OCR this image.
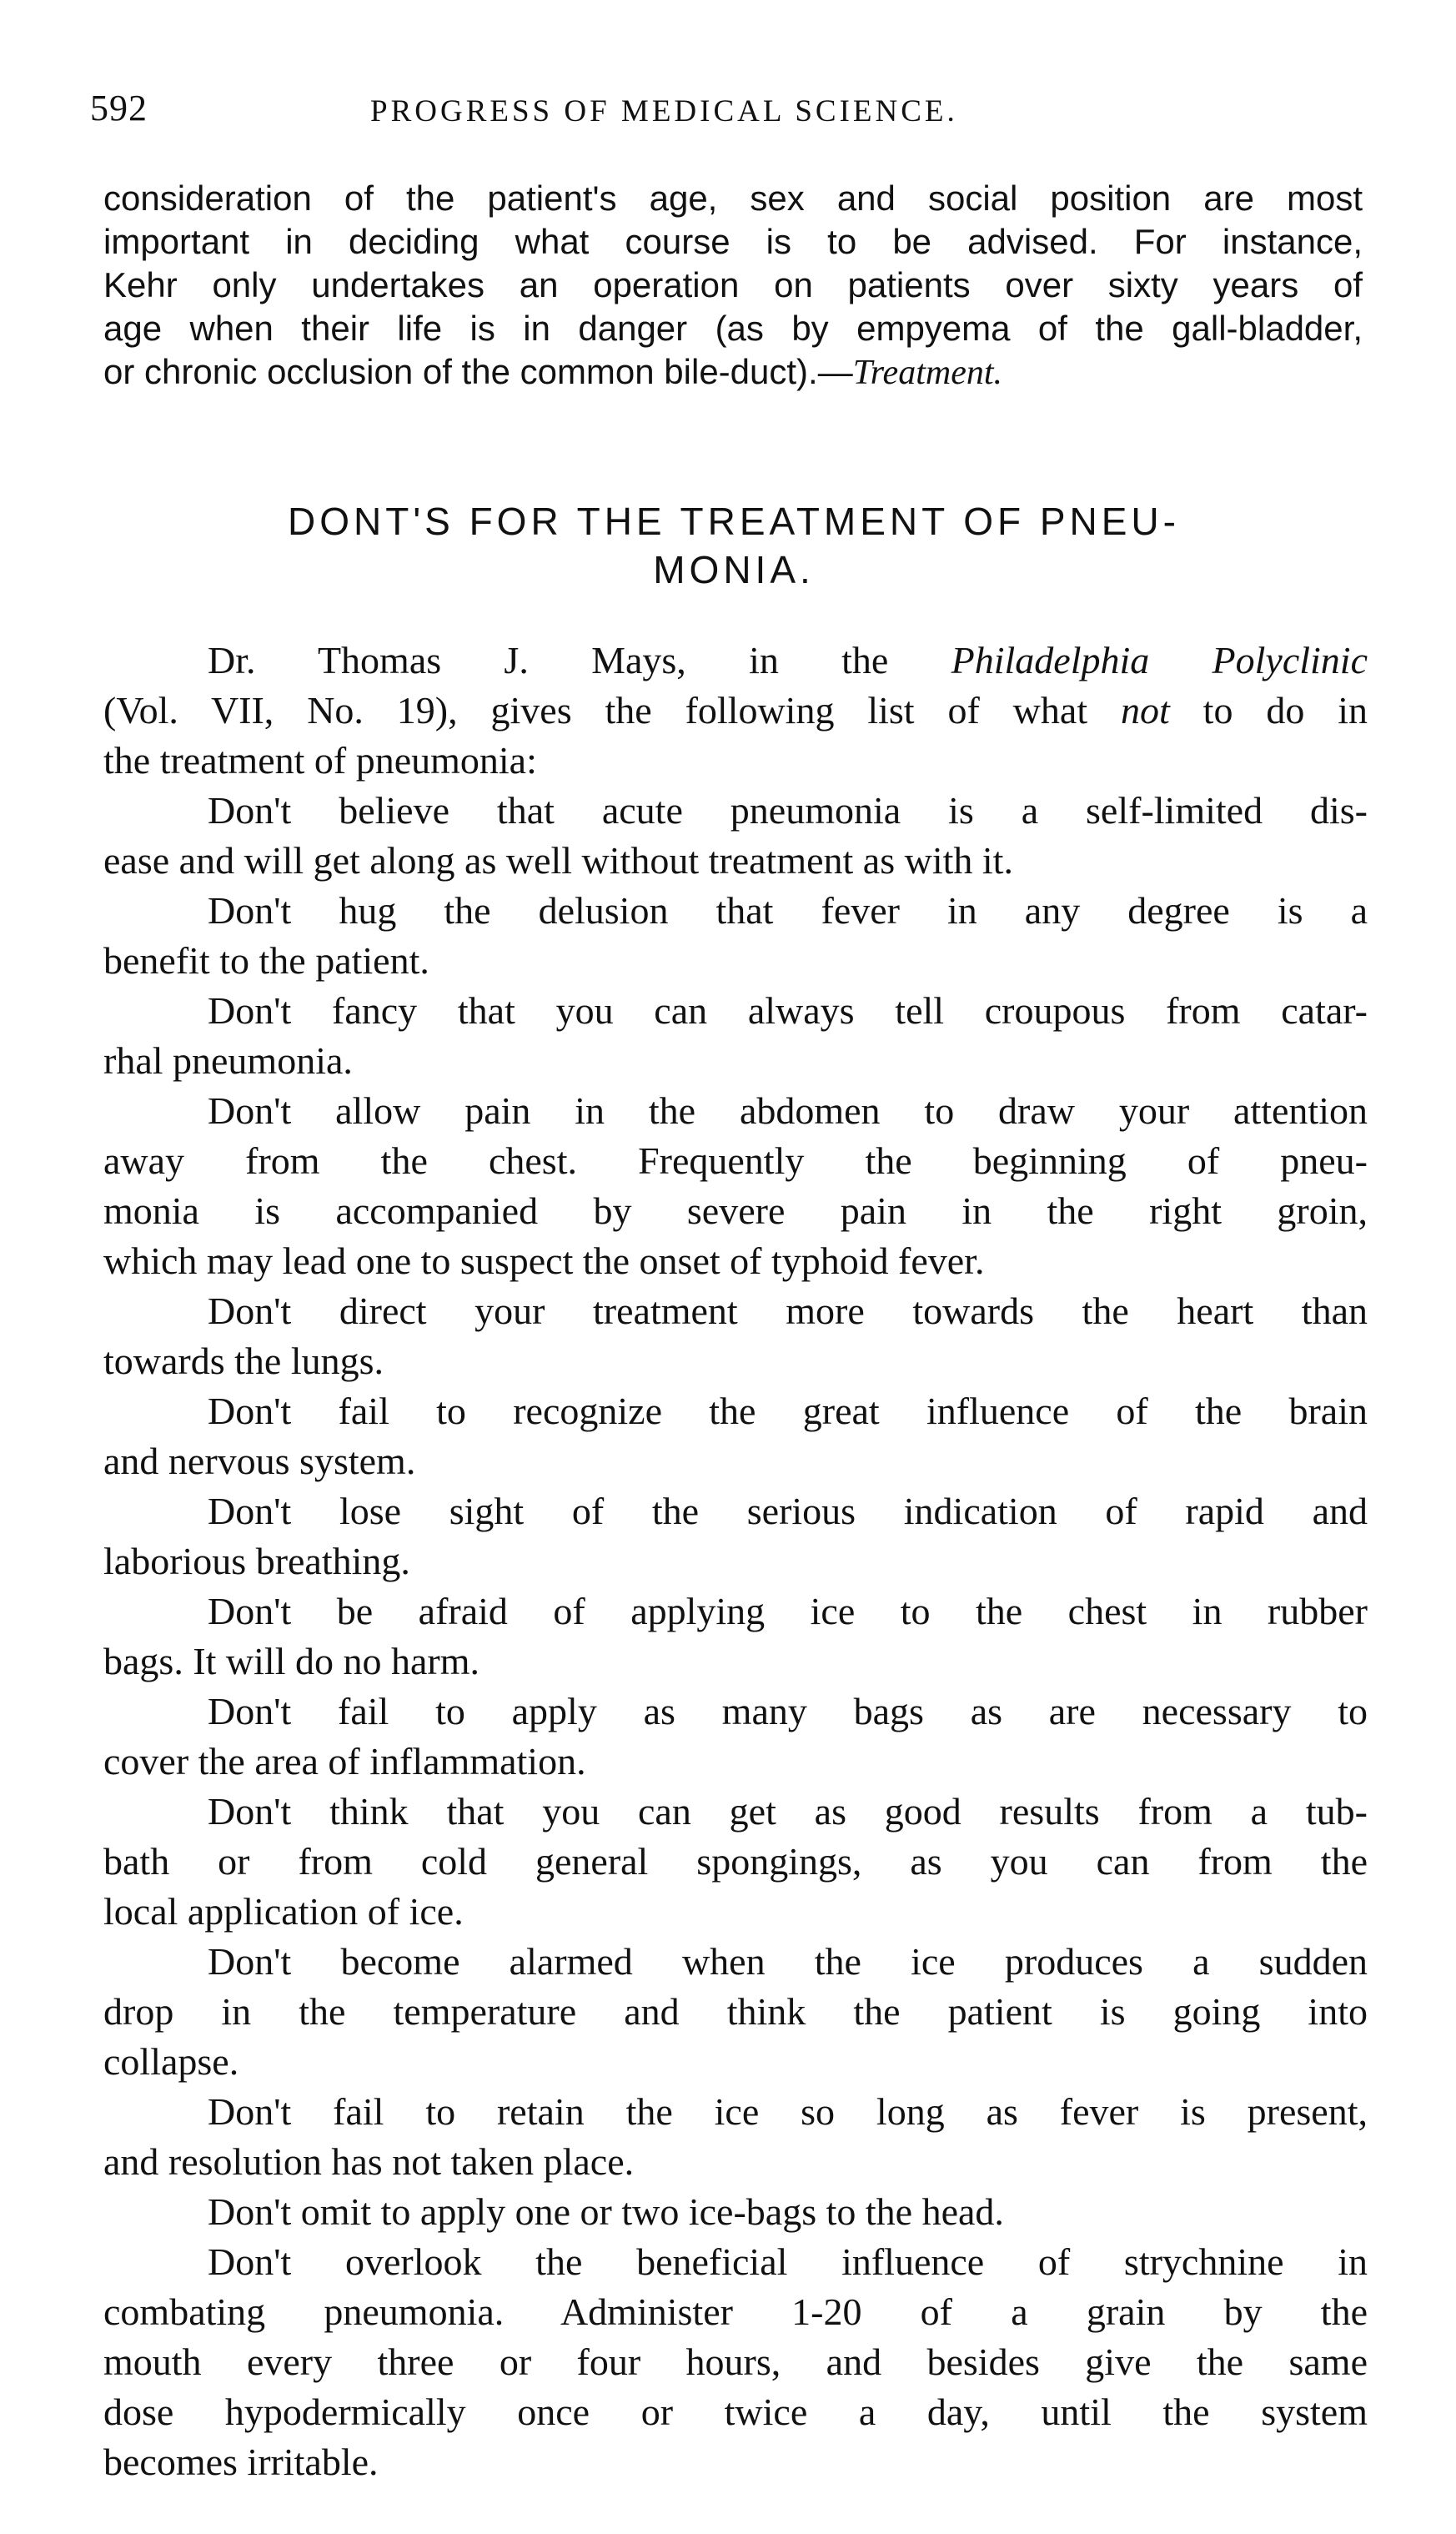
592	PROGRESS OF MEDICAL SCIENCE.
consideration of the patient's age, sex and social position are most
important in deciding what course is to be advised. For instance,
Kehr only undertakes an operation on patients over sixty years of
age when their life is in danger (as by empyema of the gall-bladder,
or chronic occlusion of the common bile-duct).—Treatment.
DONT'S FOR THE TREATMENT OF PNEU-
MONIA.
Dr. Thomas J. Mays, in the Philadelphia Polyclinic
(Vol. VII, No. 19), gives the following list of what not to do in
the treatment of pneumonia:
Don't believe that acute pneumonia is a self-limited dis-
ease and will get along as well without treatment as with it.
Don't hug the delusion that fever in any degree is a
benefit to the patient.
Don't fancy that you can always tell croupous from catar-
rhal pneumonia.
Don't allow pain in the abdomen to draw your attention
away from the chest. Frequently the beginning of pneu-
monia is accompanied by severe pain in the right groin,
which may lead one to suspect the onset of typhoid fever.
Don't direct your treatment more towards the heart than
towards the lungs.
Don't fail to recognize the great influence of the brain
and nervous system.
Don't lose sight of the serious indication of rapid and
laborious breathing.
Don't be afraid of applying ice to the chest in rubber
bags. It will do no harm.
Don't fail to apply as many bags as are necessary to
cover the area of inflammation.
Don't think that you can get as good results from a tub-
bath or from cold general spongings, as you can from the
local application of ice.
Don't become alarmed when the ice produces a sudden
drop in the temperature and think the patient is going into
collapse.
Don't fail to retain the ice so long as fever is present,
and resolution has not taken place.
Don't omit to apply one or two ice-bags to the head.
Don't overlook the beneficial influence of strychnine in
combating pneumonia. Administer 1-20 of a grain by the
mouth every three or four hours, and besides give the same
dose hypodermically once or twice a day, until the system
becomes irritable.
